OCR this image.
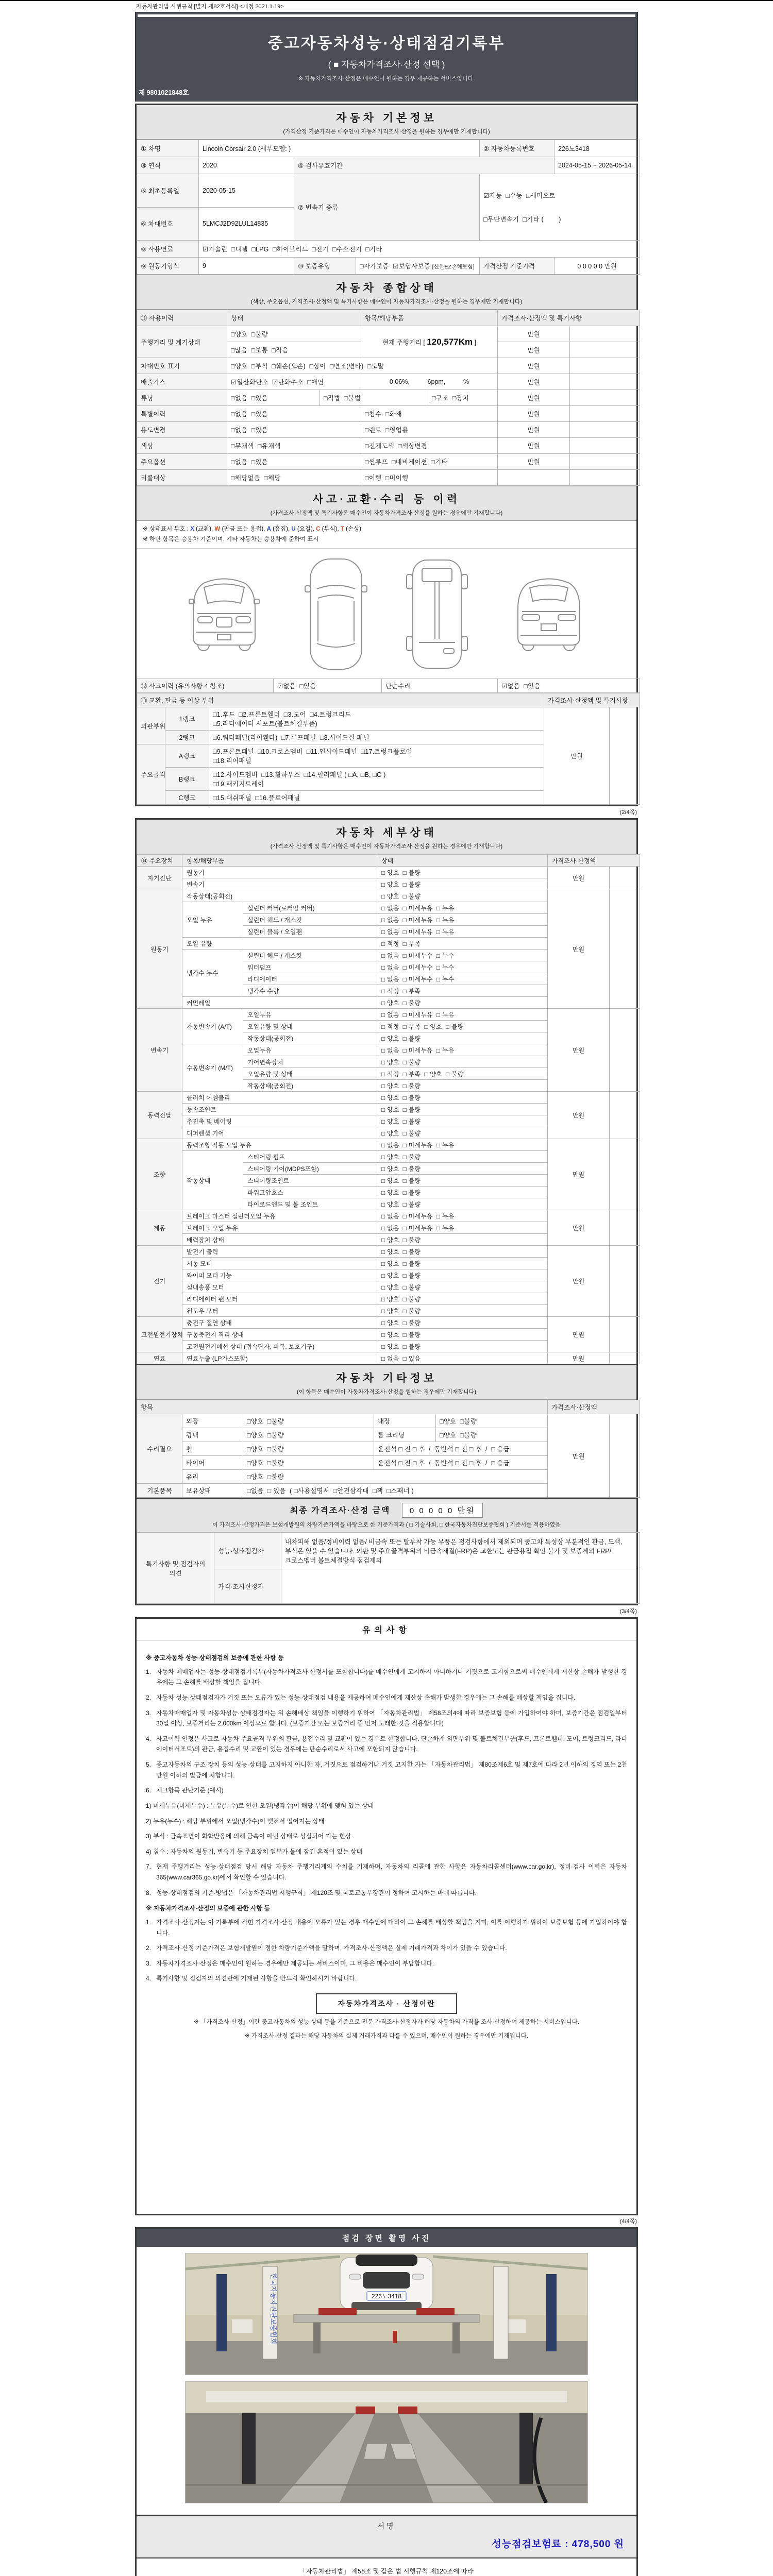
자동차관리법 시행규칙 [별지 제82호서식] <개정 2021.1.19>
중고자동차성능·상태점검기록부
( ■ 자동차가격조사·산정 선택 )
※ 자동차가격조사·산정은 매수인이 원하는 경우 제공하는 서비스입니다.
제 9801021848호
자동차 기본정보
(가격산정 기준가격은 매수인이 자동차가격조사·산정을 원하는 경우에만 기재합니다)
① 차명	Lincoln Corsair 2.0 (세부모델: )			② 자동차등록번호	226노3418
③ 연식	2020	④ 검사유효기간			2024-05-15 ~ 2026-05-14
⑤ 최초등록일	2020-05-15	⑦ 변속기 종류		☑자동  □수동  □세미오토

□무단변속기  □기타 (        )	

⑥ 차대번호	5LMCJ2D92LUL14835				
⑧ 사용연료	☑가솔린  □디젤  □LPG  □하이브리드  □전기  □수소전기  □기타				
⑨ 원동기형식	9	⑩ 보증유형	□자가보증  ☑보험사보증 [신한EZ손해보험]	가격산정 기준가격	0 0 0 0 0 만원
자동차 종합상태
(색상, 주요옵션, 가격조사·산정액 및 특기사항은 매수인이 자동차가격조사·산정을 원하는 경우에만 기재합니다)
⑪ 사용이력	상태		항목/해당부품		가격조사·산정액 및 특기사항	
주행거리 및 계기상태	□양호  □불량		현재 주행거리 [ 120,577Km ]		만원	
	□많음  □보통  □적음				만원	
차대번호 표기	□양호  □부식  □훼손(오손)  □상이  □변조(변타)  □도말				만원	
배출가스	☑일산화탄소  ☑탄화수소  □매연		0.06%,          6ppm,          %		만원	
튜닝	□없음  □있음	□적법  □불법		□구조  □장치	만원	
특별이력	□없음  □있음		□침수  □화재		만원	
용도변경	□없음  □있음		□렌트  □영업용		만원	
색상	□무채색  □유채색		□전체도색  □색상변경		만원	
주요옵션	□없음  □있음		□썬루프  □네비게이션  □기타		만원	
리콜대상	□해당없음  □해당		□이행  □미이행			
사고·교환·수리 등 이력
(가격조사·산정액 및 특기사항은 매수인이 자동차가격조사·산정을 원하는 경우에만 기재합니다)
※ 상태표시 부호 : X (교환), W (판금 또는 용접), A (흠집), U (요철), C (부식), T (손상)
※ 하단 항목은 승용차 기준이며, 기타 자동차는 승용차에 준하여 표시
⑫ 사고이력 (유의사항 4.참조)	☑없음  □있음	단순수리	☑없음  □있음
⑬ 교환, 판금 등 이상 부위			가격조사·산정액 및 특기사항	
외판부위	1랭크	□1.후드  □2.프론트휀더  □3.도어  □4.트렁크리드
□5.라디에이터 서포트(볼트체결부품)	만원	
	2랭크	□6.쿼터패널(리어휀다)  □7.루프패널  □8.사이드실 패널		
주요골격	A랭크	□9.프론트패널  □10.크로스멤버  □11.인사이드패널  □17.트렁크플로어
□18.리어패널		

	B랭크	□12.사이드멤버  □13.휠하우스  □14.필러패널 ( □A, □B, □C )
□19.패키지트레이		

	C랭크	□15.대쉬패널  □16.플로어패널		
(2/4쪽)
자동차 세부상태
(가격조사·산정액 및 특기사항은 매수인이 자동차가격조사·산정을 원하는 경우에만 기재합니다)
⑭ 주요장치	항목/해당부품		상태	가격조사·산정액	
자기진단	원동기		□ 양호  □ 불량	만원	
	변속기		□ 양호  □ 불량		
원동기	작동상태(공회전)		□ 양호  □ 불량	만원	
	오일 누유	실린더 커버(로커암 커버)	□ 없음  □ 미세누유  □ 누유		
		실린더 헤드 / 개스킷	□ 없음  □ 미세누유  □ 누유		
		실린더 블록 / 오일팬	□ 없음  □ 미세누유  □ 누유		
	오일 유량		□ 적정  □ 부족		
	냉각수 누수	실린더 헤드 / 개스킷	□ 없음  □ 미세누수  □ 누수		
		워터펌프	□ 없음  □ 미세누수  □ 누수		
		라디에이터	□ 없음  □ 미세누수  □ 누수		
		냉각수 수량	□ 적정  □ 부족		
	커먼레일		□ 양호  □ 불량		
변속기	자동변속기 (A/T)	오일누유	□ 없음  □ 미세누유  □ 누유	만원	
		오일유량 및 상태	□ 적정  □ 부족  □ 양호  □ 불량		
		작동상태(공회전)	□ 양호  □ 불량		
	수동변속기 (M/T)	오일누유	□ 없음  □ 미세누유  □ 누유		
		기어변속장치	□ 양호  □ 불량		
		오일유량 및 상태	□ 적정  □ 부족  □ 양호  □ 불량		
		작동상태(공회전)	□ 양호  □ 불량		
동력전달	클러치 어셈블리		□ 양호  □ 불량	만원	
	등속조인트		□ 양호  □ 불량		
	추진축 및 베어링		□ 양호  □ 불량		
	디퍼렌셜 기어		□ 양호  □ 불량		
조향	동력조향 작동 오일 누유		□ 없음  □ 미세누유  □ 누유	만원	
	작동상태	스티어링 펌프	□ 양호  □ 불량		
		스티어링 기어(MDPS포함)	□ 양호  □ 불량		
		스티어링조인트	□ 양호  □ 불량		
		파워고압호스	□ 양호  □ 불량		
		타이로드엔드 및 볼 조인트	□ 양호  □ 불량		
제동	브레이크 마스터 실린더오일 누유		□ 없음  □ 미세누유  □ 누유	만원	
	브레이크 오일 누유		□ 없음  □ 미세누유  □ 누유		
	배력장치 상태		□ 양호  □ 불량		
전기	발전기 출력		□ 양호  □ 불량	만원	
	시동 모터		□ 양호  □ 불량		
	와이퍼 모터 기능		□ 양호  □ 불량		
	실내송풍 모터		□ 양호  □ 불량		
	라디에이터 팬 모터		□ 양호  □ 불량		
	윈도우 모터		□ 양호  □ 불량		
고전원전기장치	충전구 절연 상태		□ 양호  □ 불량	만원	
	구동축전지 격리 상태		□ 양호  □ 불량		
	고전원전기배선 상태 (접속단자, 피복, 보호기구)		□ 양호  □ 불량		
연료	연료누출 (LP가스포함)		□ 없음  □ 있음	만원	
자동차 기타정보
(이 항목은 매수인이 자동차가격조사·산정을 원하는 경우에만 기재합니다)
항목					가격조사·산정액	
수리필요	외장	□양호  □불량	내장	□양호  □불량	만원	
	광택	□양호  □불량	룸 크리닝	□양호  □불량		
	휠	□양호  □불량	운전석 □ 전 □ 후  /  동반석 □ 전 □ 후  /  □ 응급			
	타이어	□양호  □불량	운전석 □ 전 □ 후  /  동반석 □ 전 □ 후  /  □ 응급			
	유리	□양호  □불량				
기본품목	보유상태	□없음  □ 있음  ( □사용설명서  □안전삼각대  □잭  □스패너 )				
최종 가격조사·산정 금액 0 0 0 0 0 만원
이 가격조사·산정가격은 보험개발원의 차량기준가액을 바탕으로 한 기준가격과 ( □ 기술사회, □ 한국자동차진단보증협회 ) 기준서를 적용하였음
특기사항 및 점검자의 의견	성능·상태점검자	내차피해 없음/정비이력 없음/ 비금속 또는 탈부착 가능 부품은 점검사항에서 제외되며 중고차 특성상 부분적인 판금, 도색, 부식은 있을 수 있습니다. 외판 및 주요골격부위의 비금속재질(FRP)은 교환또는 판금용접 확인 불가 및 보증제외 FRP/크로스멤버 볼트체결방식 점검제외
	가격·조사산정자	
(3/4쪽)
유의사항
※ 중고자동차 성능·상태점검의 보증에 관한 사항 등
1. 자동차 매매업자는 성능·상태점검기록부(자동차가격조사·산정서를 포함합니다)를 매수인에게 고지하지 아니하거나 거짓으로 고지함으로써 매수인에게 재산상 손해가 발생한 경우에는 그 손해를 배상할 책임을 집니다.
2. 자동차 성능·상태점검자가 거짓 또는 오류가 있는 성능·상태점검 내용을 제공하여 매수인에게 재산상 손해가 발생한 경우에는 그 손해를 배상할 책임을 집니다.
3. 자동차매매업자 및 자동차성능·상태점검자는 위 손해배상 책임을 이행하기 위하여 「자동차관리법」 제58조의4에 따라 보증보험 등에 가입하여야 하며, 보증기간은 점검일부터 30일 이상, 보증거리는 2,000km 이상으로 합니다. (보증기간 또는 보증거리 중 먼저 도래한 것을 적용합니다)
4. 사고이력 인정은 사고로 자동차 주요골격 부위의 판금, 용접수리 및 교환이 있는 경우로 한정합니다. 단순하게 외판부위 및 볼트체결부품(후드, 프론트휀더, 도어, 트렁크리드, 라디에이터서포트)의 판금, 용접수리 및 교환이 있는 경우에는 단순수리로서 사고에 포함되지 않습니다.
5. 중고자동차의 구조·장치 등의 성능·상태를 고지하지 아니한 자, 거짓으로 점검하거나 거짓 고지한 자는 「자동차관리법」 제80조제6호 및 제7호에 따라 2년 이하의 징역 또는 2천만원 이하의 벌금에 처합니다.
6. 체크항목 판단기준 (예시)
1) 미세누유(미세누수) : 누유(누수)로 인한 오일(냉각수)이 해당 부위에 맺혀 있는 상태
2) 누유(누수) : 해당 부위에서 오일(냉각수)이 맺혀서 떨어지는 상태
3) 부식 : 금속표면이 화학반응에 의해 금속이 아닌 상태로 상실되어 가는 현상
4) 침수 : 자동차의 원동기, 변속기 등 주요장치 일부가 물에 잠긴 흔적이 있는 상태
7. 현재 주행거리는 성능·상태점검 당시 해당 자동차 주행거리계의 수치를 기재하며, 자동차의 리콜에 관한 사항은 자동차리콜센터(www.car.go.kr), 정비·검사 이력은 자동차365(www.car365.go.kr)에서 확인할 수 있습니다.
8. 성능·상태점검의 기준·방법은 「자동차관리법 시행규칙」 제120조 및 국토교통부장관이 정하여 고시하는 바에 따릅니다.
※ 자동차가격조사·산정의 보증에 관한 사항 등
1. 가격조사·산정자는 이 기록부에 적힌 가격조사·산정 내용에 오류가 있는 경우 매수인에 대하여 그 손해를 배상할 책임을 지며, 이를 이행하기 위하여 보증보험 등에 가입하여야 합니다.
2. 가격조사·산정 기준가격은 보험개발원이 정한 차량기준가액을 말하며, 가격조사·산정액은 실제 거래가격과 차이가 있을 수 있습니다.
3. 자동차가격조사·산정은 매수인이 원하는 경우에만 제공되는 서비스이며, 그 비용은 매수인이 부담합니다.
4. 특기사항 및 점검자의 의견란에 기재된 사항을 반드시 확인하시기 바랍니다.
자동차가격조사 · 산정이란
※ 「가격조사·산정」이란 중고자동차의 성능·상태 등을 기준으로 전문 가격조사·산정자가 해당 자동차의 가격을 조사·산정하여 제공하는 서비스입니다.
※ 가격조사·산정 결과는 해당 자동차의 실제 거래가격과 다를 수 있으며, 매수인이 원하는 경우에만 기재됩니다.
(4/4쪽)
점검 장면 촬영 사진
한국자동차진단보증협회	226노3418
서명
성능점검보험료 : 478,500 원
「자동차관리법」 제58조 및 같은 법 시행규칙 제120조에 따라
